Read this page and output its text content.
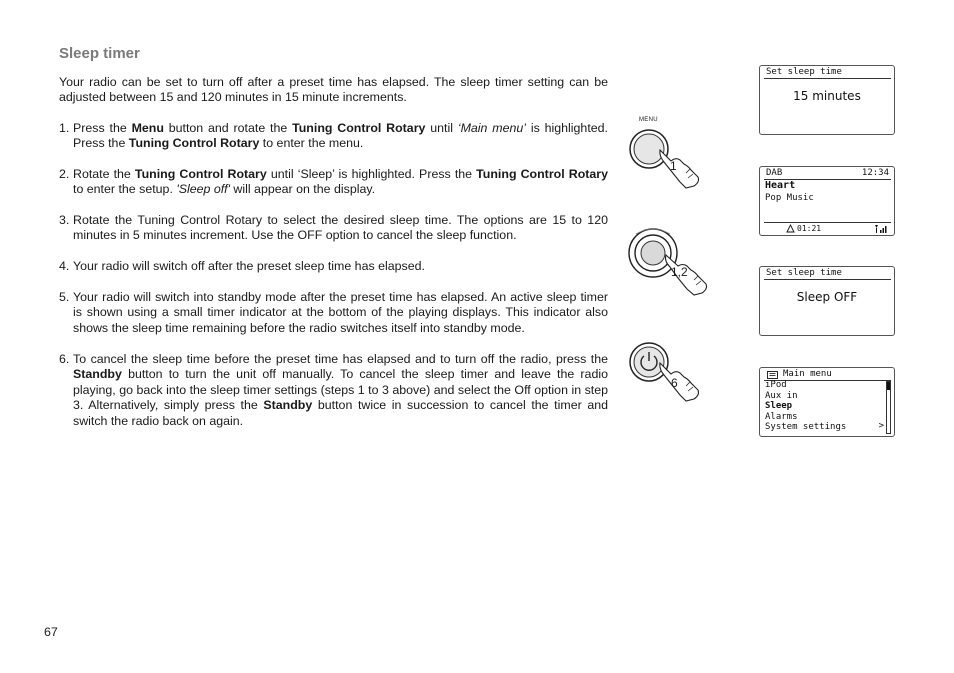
Sleep timer
Your radio can be set to turn off after a preset time has elapsed. The sleep timer setting can be adjusted between 15 and 120 minutes in 15 minute increments.
1. Press the Menu button and rotate the Tuning Control Rotary until ‘Main menu’ is highlighted. Press the Tuning Control Rotary to enter the menu.
2. Rotate the Tuning Control Rotary until ‘Sleep’ is highlighted. Press the Tuning Control Rotary to enter the setup. 'Sleep off' will appear on the display.
3. Rotate the Tuning Control Rotary to select the desired sleep time. The options are 15 to 120 minutes in 5 minutes increment. Use the OFF option to cancel the sleep function.
4. Your radio will switch off after the preset sleep time has elapsed.
5. Your radio will switch into standby mode after the preset time has elapsed. An active sleep timer is shown using a small timer indicator at the bottom of the playing displays. This indicator also shows the sleep time remaining before the radio switches itself into standby mode.
6. To cancel the sleep time before the preset time has elapsed and to turn off the radio, press the Standby button to turn the unit off manually. To cancel the sleep timer and leave the radio playing, go back into the sleep timer settings (steps 1 to 3 above) and select the Off option in step 3. Alternatively, simply press the Standby button twice in succession to cancel the timer and switch the radio back on again.
67
MENU
1
1,2
6
Set sleep time
15 minutes
DAB	12:34
Heart
Pop Music
01:21
Set sleep time
Sleep OFF
Main menu
iPod
Aux in
Sleep
Alarms
System settings	>
